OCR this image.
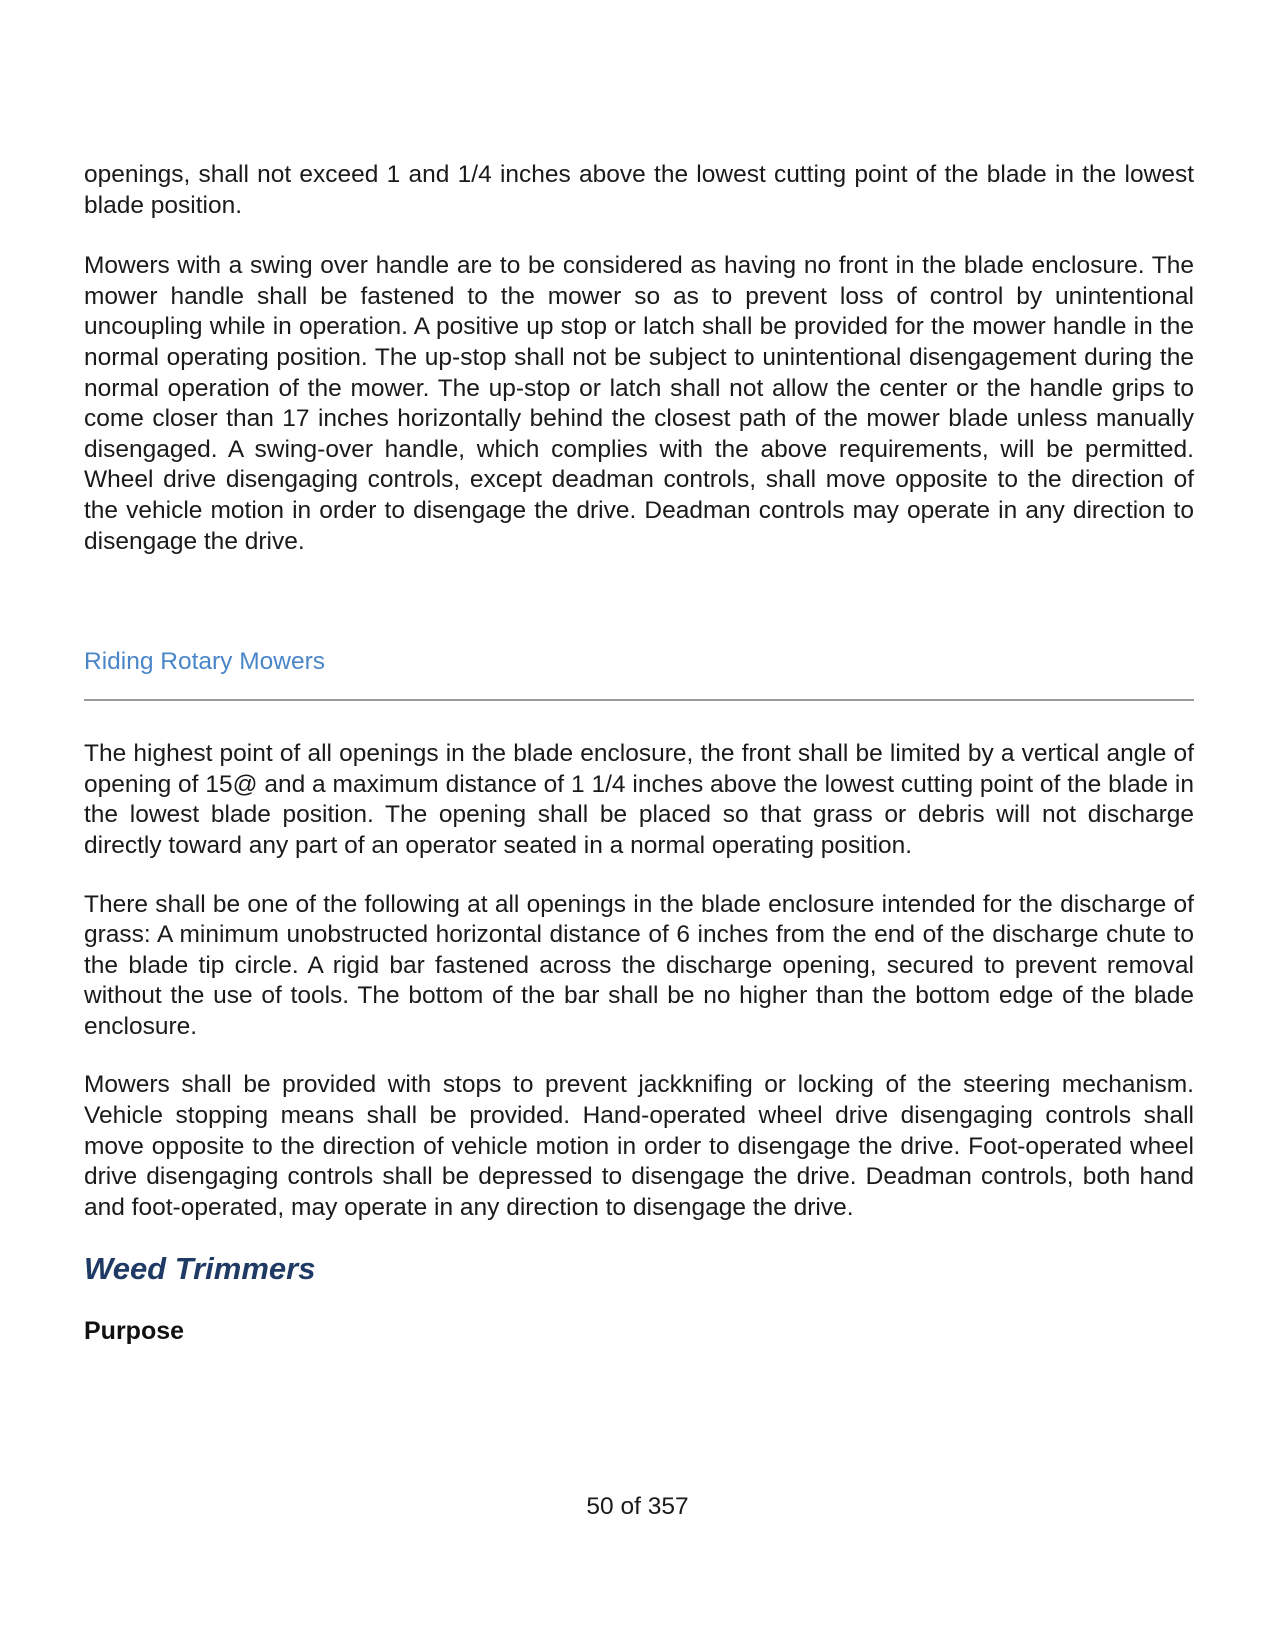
openings, shall not exceed 1 and 1/4 inches above the lowest cutting point of the blade in the lowest blade position.

Mowers with a swing over handle are to be considered as having no front in the blade enclosure. The mower handle shall be fastened to the mower so as to prevent loss of control by unintentional uncoupling while in operation. A positive up stop or latch shall be provided for the mower handle in the normal operating position. The up-stop shall not be subject to unintentional disengagement during the normal operation of the mower. The up-stop or latch shall not allow the center or the handle grips to come closer than 17 inches horizontally behind the closest path of the mower blade unless manually disengaged. A swing-over handle, which complies with the above requirements, will be permitted. Wheel drive disengaging controls, except deadman controls, shall move opposite to the direction of the vehicle motion in order to disengage the drive. Deadman controls may operate in any direction to disengage the drive.

Riding Rotary Mowers

The highest point of all openings in the blade enclosure, the front shall be limited by a vertical angle of opening of 15@ and a maximum distance of 1 1/4 inches above the lowest cutting point of the blade in the lowest blade position. The opening shall be placed so that grass or debris will not discharge directly toward any part of an operator seated in a normal operating position.

There shall be one of the following at all openings in the blade enclosure intended for the discharge of grass: A minimum unobstructed horizontal distance of 6 inches from the end of the discharge chute to the blade tip circle. A rigid bar fastened across the discharge opening, secured to prevent removal without the use of tools. The bottom of the bar shall be no higher than the bottom edge of the blade enclosure.

Mowers shall be provided with stops to prevent jackknifing or locking of the steering mechanism. Vehicle stopping means shall be provided. Hand-operated wheel drive disengaging controls shall move opposite to the direction of vehicle motion in order to disengage the drive. Foot-operated wheel drive disengaging controls shall be depressed to disengage the drive. Deadman controls, both hand and foot-operated, may operate in any direction to disengage the drive.

Weed Trimmers
Purpose
50 of 357
